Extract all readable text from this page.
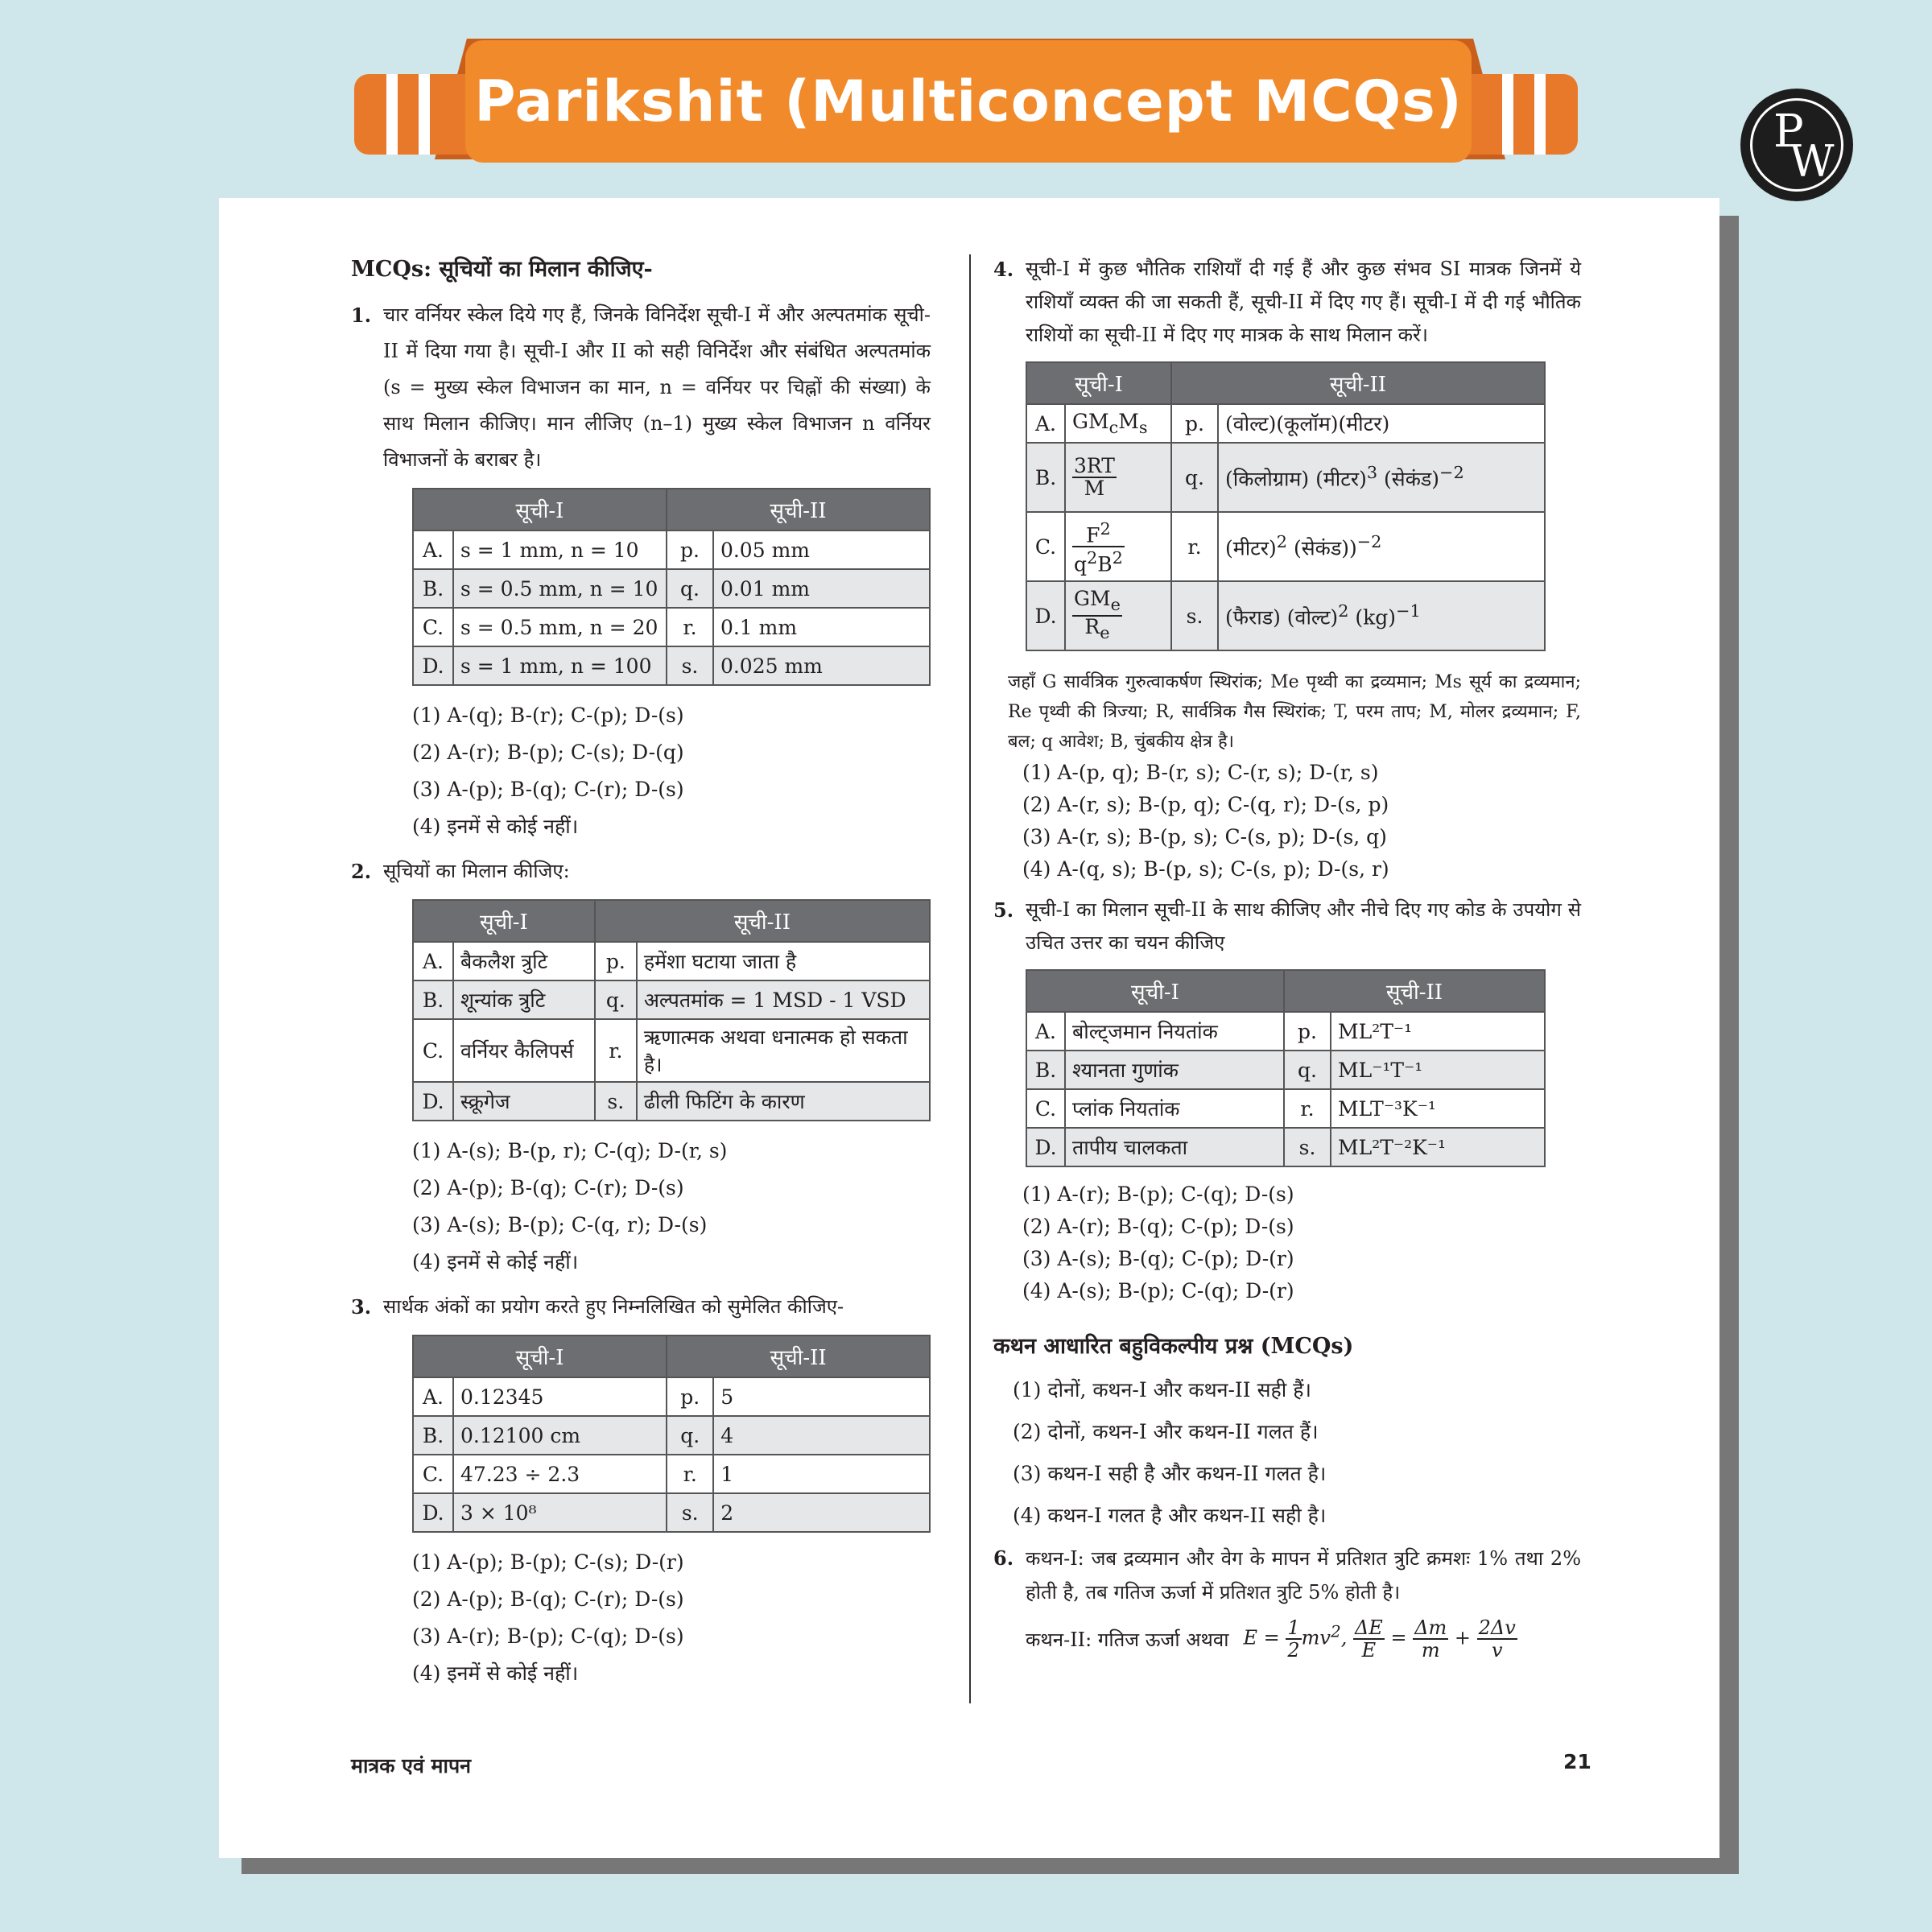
Parikshit (Multiconcept MCQs)	P
W
MCQs: सूचियों का मिलान कीजिए-
1. चार वर्नियर स्केल दिये गए हैं, जिनके विनिर्देश सूची-I में और अल्पतमांक सूची-II में दिया गया है। सूची-I और II को सही विनिर्देश और संबंधित अल्पतमांक (s = मुख्य स्केल विभाजन का मान, n = वर्नियर पर चिह्नों की संख्या) के साथ मिलान कीजिए। मान लीजिए (n–1) मुख्य स्केल विभाजन n वर्नियर विभाजनों के बराबर है।
सूची-I		सूची-II	
A.	s = 1 mm, n = 10	p.	0.05 mm
B.	s = 0.5 mm, n = 10	q.	0.01 mm
C.	s = 0.5 mm, n = 20	r.	0.1 mm
D.	s = 1 mm, n = 100	s.	0.025 mm
(1) A-(q); B-(r); C-(p); D-(s)
(2) A-(r); B-(p); C-(s); D-(q)
(3) A-(p); B-(q); C-(r); D-(s)
(4) इनमें से कोई नहीं।
2. सूचियों का मिलान कीजिए:
सूची-I		सूची-II	
A.	बैकलैश त्रुटि	p.	हमेंशा घटाया जाता है
B.	शून्यांक त्रुटि	q.	अल्पतमांक = 1 MSD - 1 VSD
C.	वर्नियर कैलिपर्स	r.	ऋणात्मक अथवा धनात्मक हो सकता है।
D.	स्क्रूगेज	s.	ढीली फिटिंग के कारण
(1) A-(s); B-(p, r); C-(q); D-(r, s)
(2) A-(p); B-(q); C-(r); D-(s)
(3) A-(s); B-(p); C-(q, r); D-(s)
(4) इनमें से कोई नहीं।
3. सार्थक अंकों का प्रयोग करते हुए निम्नलिखित को सुमेलित कीजिए-
सूची-I		सूची-II	
A.	0.12345	p.	5
B.	0.12100 cm	q.	4
C.	47.23 ÷ 2.3	r.	1
D.	3 × 10⁸	s.	2
(1) A-(p); B-(p); C-(s); D-(r)
(2) A-(p); B-(q); C-(r); D-(s)
(3) A-(r); B-(p); C-(q); D-(s)
(4) इनमें से कोई नहीं।
4. सूची-I में कुछ भौतिक राशियाँ दी गई हैं और कुछ संभव SI मात्रक जिनमें ये राशियाँ व्यक्त की जा सकती हैं, सूची-II में दिए गए हैं। सूची-I में दी गई भौतिक राशियों का सूची-II में दिए गए मात्रक के साथ मिलान करें।
सूची-I		सूची-II	
A.	$GM_cM_s$	p.	(वोल्ट)(कूलॉम)(मीटर)
B.	$\frac{3RT}{M}$	q.	(किलोग्राम) (मीटर)$^3$ (सेकंड)$^{-2}$
C.	$\frac{F^2}{q^2B^2}$	r.	(मीटर)$^2$ (सेकंड))$^{-2}$
D.	$\frac{GM_e}{R_e}$	s.	(फैराड) (वोल्ट)$^2$ (kg)$^{-1}$
जहाँ G सार्वत्रिक गुरुत्वाकर्षण स्थिरांक; Me पृथ्वी का द्रव्यमान; Ms सूर्य का द्रव्यमान; Re पृथ्वी की त्रिज्या; R, सार्वत्रिक गैस स्थिरांक; T, परम ताप; M, मोलर द्रव्यमान; F, बल; q आवेश; B, चुंबकीय क्षेत्र है।
(1) A-(p, q); B-(r, s); C-(r, s); D-(r, s)
(2) A-(r, s); B-(p, q); C-(q, r); D-(s, p)
(3) A-(r, s); B-(p, s); C-(s, p); D-(s, q)
(4) A-(q, s); B-(p, s); C-(s, p); D-(s, r)
5. सूची-I का मिलान सूची-II के साथ कीजिए और नीचे दिए गए कोड के उपयोग से उचित उत्तर का चयन कीजिए
सूची-I		सूची-II	
A.	बोल्ट्जमान नियतांक	p.	ML²T⁻¹
B.	श्यानता गुणांक	q.	ML⁻¹T⁻¹
C.	प्लांक नियतांक	r.	MLT⁻³K⁻¹
D.	तापीय चालकता	s.	ML²T⁻²K⁻¹
(1) A-(r); B-(p); C-(q); D-(s)
(2) A-(r); B-(q); C-(p); D-(s)
(3) A-(s); B-(q); C-(p); D-(r)
(4) A-(s); B-(p); C-(q); D-(r)
कथन आधारित बहुविकल्पीय प्रश्न (MCQs)
(1) दोनों, कथन-I और कथन-II सही हैं।
(2) दोनों, कथन-I और कथन-II गलत हैं।
(3) कथन-I सही है और कथन-II गलत है।
(4) कथन-I गलत है और कथन-II सही है।
6. कथन-I: जब द्रव्यमान और वेग के मापन में प्रतिशत त्रुटि क्रमशः 1% तथा 2% होती है, तब गतिज ऊर्जा में प्रतिशत त्रुटि 5% होती है।
कथन-II: गतिज ऊर्जा अथवा $E = \frac{1}{2} mv^2$, $\frac{\Delta E}{E} = \frac{\Delta m}{m} + \frac{2\Delta v}{v}$
मात्रक एवं मापन	21
